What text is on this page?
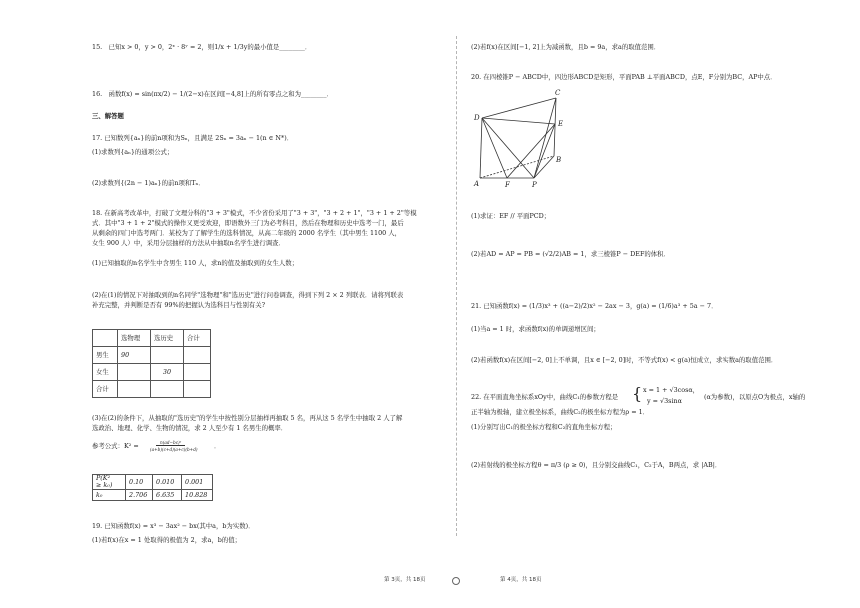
15.　已知x > 0，y > 0，2ˣ · 8ʸ = 2，则1/x + 1/3y的最小值是________．
16.　函数f(x) = sin(πx/2) − 1/(2−x)在区间[−4,8]上的所有零点之和为________．
三、解答题
17. 已知数列{aₙ}的前n项和为Sₙ，且满足 2Sₙ = 3aₙ − 1(n ∈ N*)．
(1)求数列{aₙ}的通项公式；
(2)求数列{(2n − 1)aₙ}的前n项和Tₙ．
18. 在新高考改革中，打破了文理分科的"3 + 3"模式，不少省份采用了"3 + 3"，"3 + 2 + 1"，"3 + 1 + 2"等模
式．其中"3 + 1 + 2"模式的操作又更受欢迎，即语数外三门为必考科目，然后在物理和历史中选考一门，最后
从剩余的四门中选考两门．某校为了了解学生的选科情况，从高二年级的 2000 名学生（其中男生 1100 人，
女生 900 人）中，采用分层抽样的方法从中抽取n名学生进行调查．
(1)已知抽取的n名学生中含男生 110 人，求n的值及抽取到的女生人数；
(2)在(1)的情况下对抽取到的n名同学"选物理"和"选历史"进行问卷调查，得到下列 2 × 2 列联表．请将列联表
补充完整，并判断是否有 99%的把握认为选科目与性别有关?
	选物理	选历史	合计
男生	90		
女生		30	
合计			
(3)在(2)的条件下，从抽取的"选历史"的学生中按性别分层抽样再抽取 5 名，再从这 5 名学生中抽取 2 人了解
选政治、地理、化学、生物的情况，求 2 人至少有 1 名男生的概率．
参考公式：K² =	n(ad−bc)²
(a+b)(c+d)(a+c)(b+d)	．
P(K²
≥ k₀)	0.10	0.010	0.001
k₀	2.706	6.635	10.828
19. 已知函数f(x) = x³ − 3ax² − bx(其中a，b为实数)．
(1)若f(x)在x = 1 处取得的极值为 2，求a，b的值；
(2)若f(x)在区间[−1, 2]上为减函数，且b = 9a，求a的取值范围．
20. 在四棱锥P − ABCD中，四边形ABCD是矩形，平面PAB ⊥平面ABCD，点E，F分别为BC，AP中点．
(1)求证：EF // 平面PCD；
(2)若AD = AP = PB = (√2/2)AB = 1，求三棱锥P − DEF的体积．
21. 已知函数f(x) = (1/3)x³ + ((a−2)/2)x² − 2ax − 3，g(a) = (1/6)a³ + 5a − 7．
(1)当a = 1 时，求函数f(x)的单调递增区间；
(2)若函数f(x)在区间[−2, 0]上不单调，且x ∈ [−2, 0]时，不等式f(x) < g(a)恒成立，求实数a的取值范围．
22. 在平面直角坐标系xOy中，曲线C₁的参数方程是 { x = 1 + √3cosα，
y = √3sinα	(α为参数)，以原点O为极点，x轴的
正半轴为极轴，建立极坐标系，曲线C₂的极坐标方程为ρ = 1．
(1)分别写出C₁的极坐标方程和C₂的直角坐标方程；
(2)若射线的极坐标方程θ = π/3 (ρ ≥ 0)，且分别交曲线C₁，C₂于A，B两点，求 |AB|．
C
D
E
A	F
B
P
第 3页，共 18页	第 4页，共 18页
